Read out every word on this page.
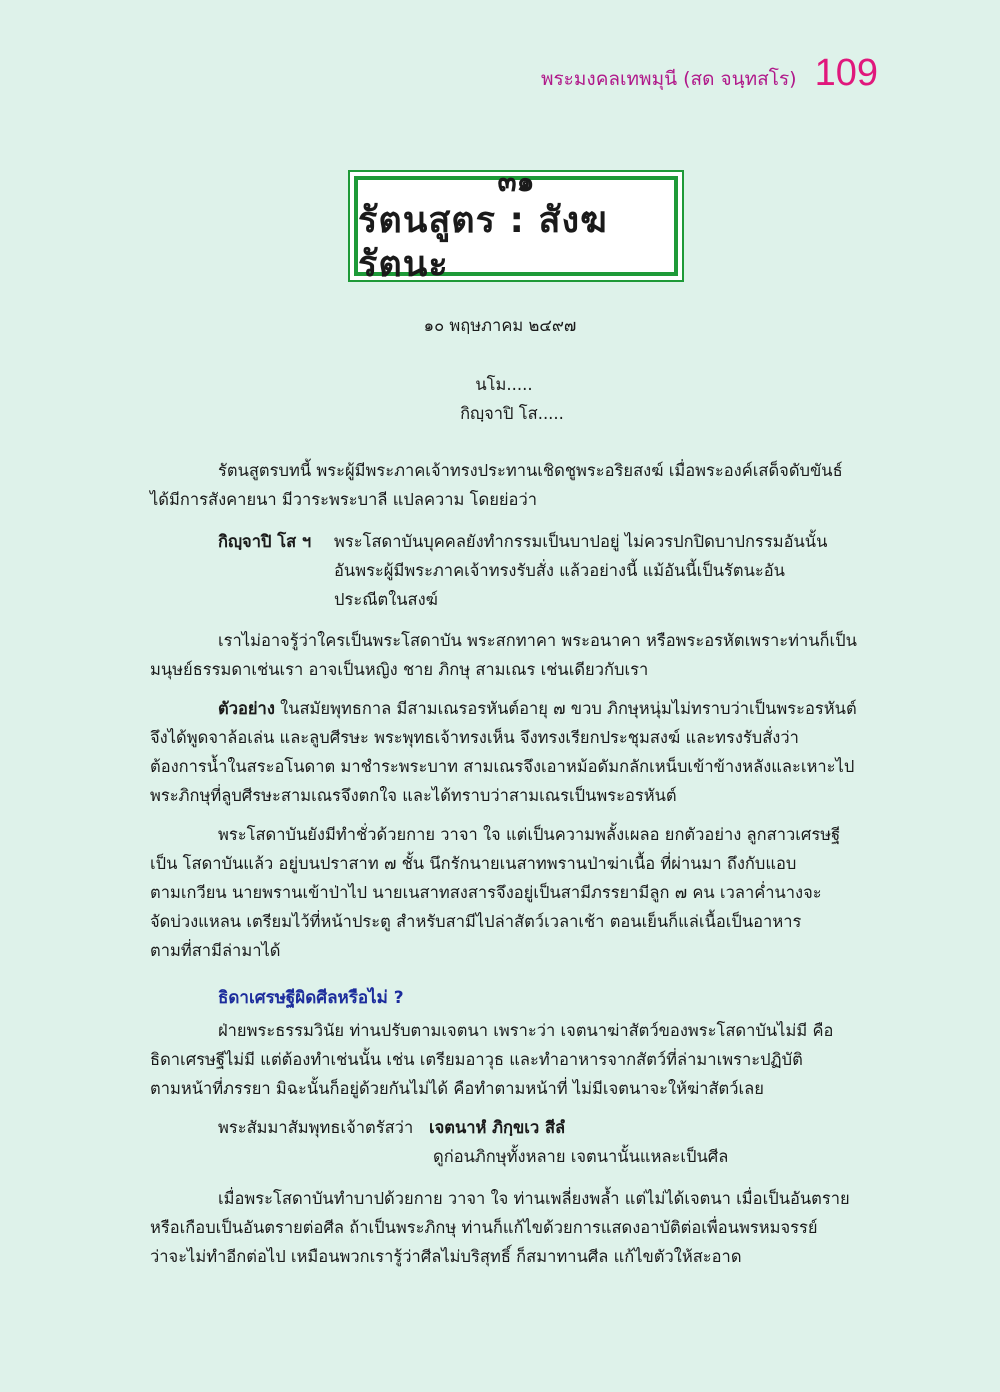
พระมงคลเทพมุนี (สด จนฺทสโร) 109
๓๑
รัตนสูตร : สังฆรัตนะ
๑๐ พฤษภาคม ๒๔๙๗
นโม.....
กิญฺจาปิ โส.....
รัตนสูตรบทนี้ พระผู้มีพระภาคเจ้าทรงประทานเชิดชูพระอริยสงฆ์ เมื่อพระองค์เสด็จดับขันธ์
ได้มีการสังคายนา มีวาระพระบาลี แปลความ โดยย่อว่า
กิญฺจาปิ โส ฯ พระโสดาบันบุคคลยังทำกรรมเป็นบาปอยู่ ไม่ควรปกปิดบาปกรรมอันนั้น
อันพระผู้มีพระภาคเจ้าทรงรับสั่ง แล้วอย่างนี้ แม้อันนี้เป็นรัตนะอัน
ประณีตในสงฆ์
เราไม่อาจรู้ว่าใครเป็นพระโสดาบัน พระสกทาคา พระอนาคา หรือพระอรหัตเพราะท่านก็เป็น
มนุษย์ธรรมดาเช่นเรา อาจเป็นหญิง ชาย ภิกษุ สามเณร เช่นเดียวกับเรา
ตัวอย่าง ในสมัยพุทธกาล มีสามเณรอรหันต์อายุ ๗ ขวบ ภิกษุหนุ่มไม่ทราบว่าเป็นพระอรหันต์
จึงได้พูดจาล้อเล่น และลูบศีรษะ พระพุทธเจ้าทรงเห็น จึงทรงเรียกประชุมสงฆ์ และทรงรับสั่งว่า
ต้องการน้ำในสระอโนดาต มาชำระพระบาท สามเณรจึงเอาหม้อดัมกลักเหน็บเข้าข้างหลังและเหาะไป
พระภิกษุที่ลูบศีรษะสามเณรจึงตกใจ และได้ทราบว่าสามเณรเป็นพระอรหันต์
พระโสดาบันยังมีทำชั่วด้วยกาย วาจา ใจ แต่เป็นความพลั้งเผลอ ยกตัวอย่าง ลูกสาวเศรษฐี
เป็น โสดาบันแล้ว อยู่บนปราสาท ๗ ชั้น นึกรักนายเนสาทพรานป่าฆ่าเนื้อ ที่ผ่านมา ถึงกับแอบ
ตามเกวียน นายพรานเข้าป่าไป นายเนสาทสงสารจึงอยู่เป็นสามีภรรยามีลูก ๗ คน เวลาค่ำนางจะ
จัดบ่วงแหลน เตรียมไว้ที่หน้าประตู สำหรับสามีไปล่าสัตว์เวลาเช้า ตอนเย็นก็แล่เนื้อเป็นอาหาร
ตามที่สามีล่ามาได้
ธิดาเศรษฐีผิดศีลหรือไม่ ?
ฝ่ายพระธรรมวินัย ท่านปรับตามเจตนา เพราะว่า เจตนาฆ่าสัตว์ของพระโสดาบันไม่มี คือ
ธิดาเศรษฐีไม่มี แต่ต้องทำเช่นนั้น เช่น เตรียมอาวุธ และทำอาหารจากสัตว์ที่ล่ามาเพราะปฏิบัติ
ตามหน้าที่ภรรยา มิฉะนั้นก็อยู่ด้วยกันไม่ได้ คือทำตามหน้าที่ ไม่มีเจตนาจะให้ฆ่าสัตว์เลย
พระสัมมาสัมพุทธเจ้าตรัสว่า เจตนาหํ ภิกฺขเว สีลํ
ดูก่อนภิกษุทั้งหลาย เจตนานั้นแหละเป็นศีล
เมื่อพระโสดาบันทำบาปด้วยกาย วาจา ใจ ท่านเพลี่ยงพล้ำ แต่ไม่ได้เจตนา เมื่อเป็นอันตราย
หรือเกือบเป็นอันตรายต่อศีล ถ้าเป็นพระภิกษุ ท่านก็แก้ไขด้วยการแสดงอาบัติต่อเพื่อนพรหมจรรย์
ว่าจะไม่ทำอีกต่อไป เหมือนพวกเรารู้ว่าศีลไม่บริสุทธิ์ ก็สมาทานศีล แก้ไขตัวให้สะอาด
